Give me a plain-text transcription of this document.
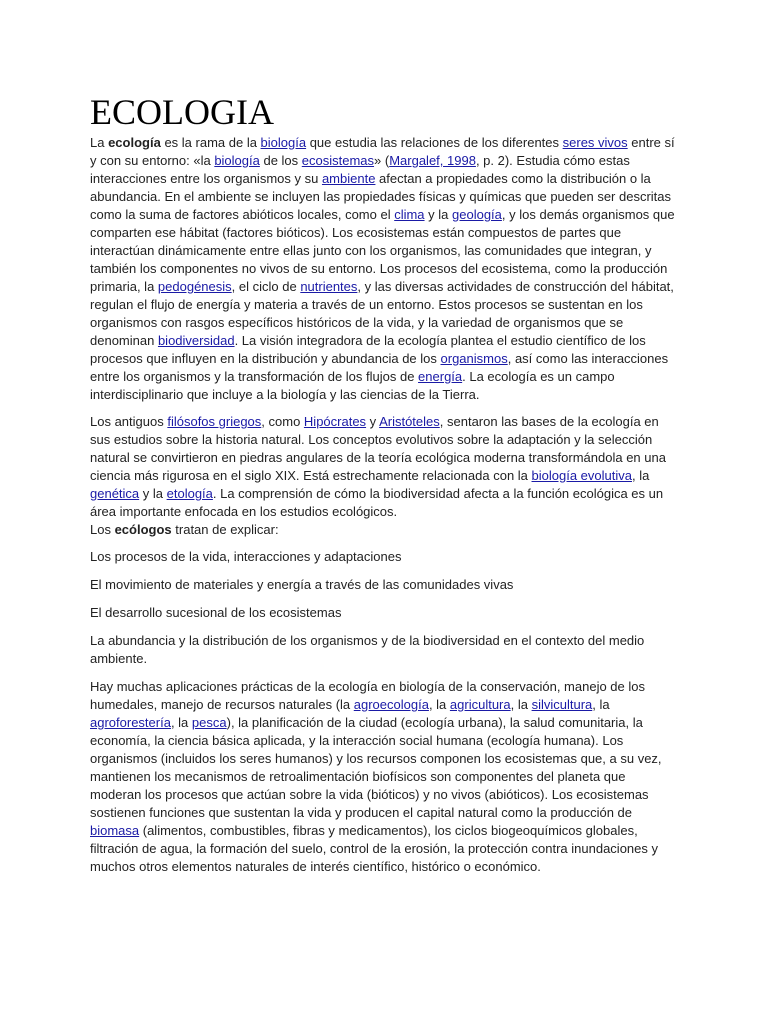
ECOLOGIA

La ecología es la rama de la biología que estudia las relaciones de los diferentes seres vivos entre sí y con su entorno: «la biología de los ecosistemas» (Margalef, 1998, p. 2). Estudia cómo estas interacciones entre los organismos y su ambiente afectan a propiedades como la distribución o la abundancia. En el ambiente se incluyen las propiedades físicas y químicas que pueden ser descritas como la suma de factores abióticos locales, como el clima y la geología, y los demás organismos que comparten ese hábitat (factores bióticos). Los ecosistemas están compuestos de partes que interactúan dinámicamente entre ellas junto con los organismos, las comunidades que integran, y también los componentes no vivos de su entorno. Los procesos del ecosistema, como la producción primaria, la pedogénesis, el ciclo de nutrientes, y las diversas actividades de construcción del hábitat, regulan el flujo de energía y materia a través de un entorno. Estos procesos se sustentan en los organismos con rasgos específicos históricos de la vida, y la variedad de organismos que se denominan biodiversidad. La visión integradora de la ecología plantea el estudio científico de los procesos que influyen en la distribución y abundancia de los organismos, así como las interacciones entre los organismos y la transformación de los flujos de energía. La ecología es un campo interdisciplinario que incluye a la biología y las ciencias de la Tierra.

Los antiguos filósofos griegos, como Hipócrates y Aristóteles, sentaron las bases de la ecología en sus estudios sobre la historia natural. Los conceptos evolutivos sobre la adaptación y la selección natural se convirtieron en piedras angulares de la teoría ecológica moderna transformándola en una ciencia más rigurosa en el siglo XIX. Está estrechamente relacionada con la biología evolutiva, la genética y la etología. La comprensión de cómo la biodiversidad afecta a la función ecológica es un área importante enfocada en los estudios ecológicos.

Los ecólogos tratan de explicar:

Los procesos de la vida, interacciones y adaptaciones

El movimiento de materiales y energía a través de las comunidades vivas

El desarrollo sucesional de los ecosistemas

La abundancia y la distribución de los organismos y de la biodiversidad en el contexto del medio ambiente.

Hay muchas aplicaciones prácticas de la ecología en biología de la conservación, manejo de los humedales, manejo de recursos naturales (la agroecología, la agricultura, la silvicultura, la agroforestería, la pesca), la planificación de la ciudad (ecología urbana), la salud comunitaria, la economía, la ciencia básica aplicada, y la interacción social humana (ecología humana). Los organismos (incluidos los seres humanos) y los recursos componen los ecosistemas que, a su vez, mantienen los mecanismos de retroalimentación biofísicos son componentes del planeta que moderan los procesos que actúan sobre la vida (bióticos) y no vivos (abióticos). Los ecosistemas sostienen funciones que sustentan la vida y producen el capital natural como la producción de biomasa (alimentos, combustibles, fibras y medicamentos), los ciclos biogeoquímicos globales, filtración de agua, la formación del suelo, control de la erosión, la protección contra inundaciones y muchos otros elementos naturales de interés científico, histórico o económico.
